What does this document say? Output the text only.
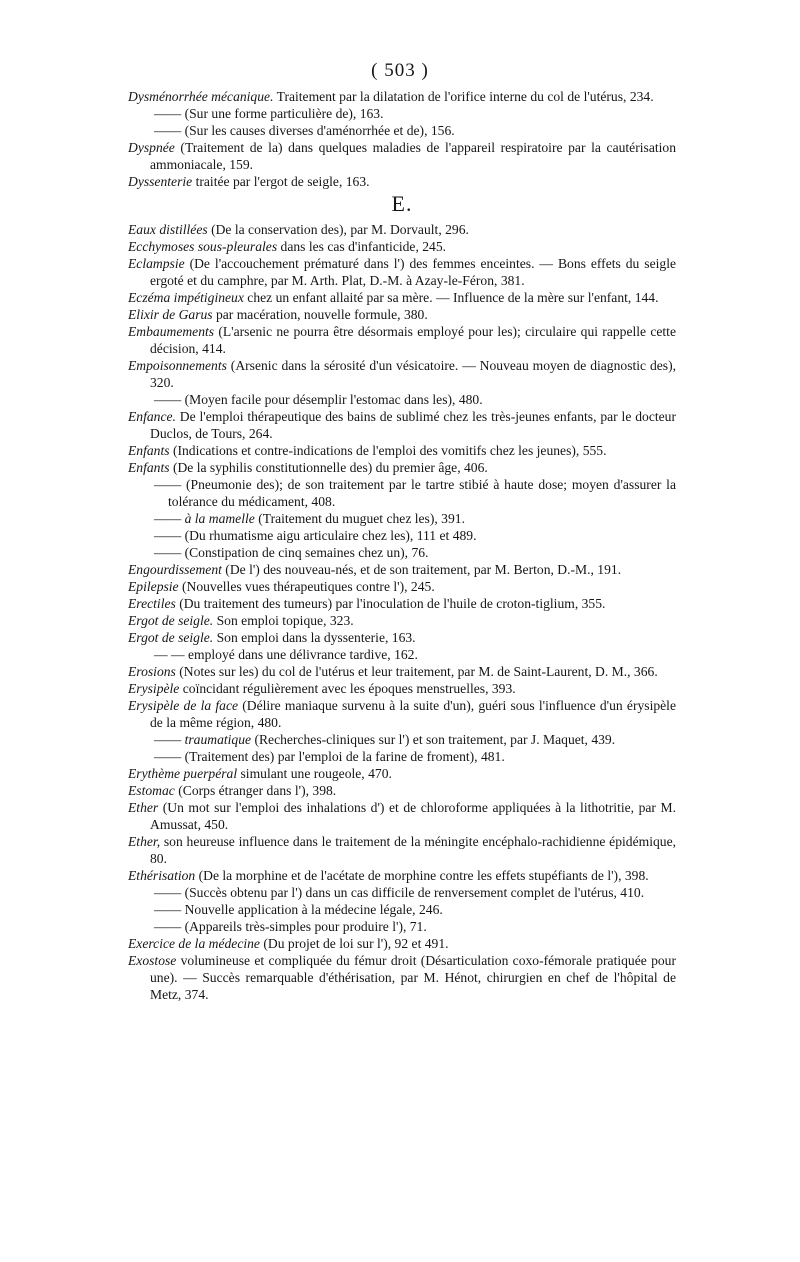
( 503 )
Dysménorrhée mécanique. Traitement par la dilatation de l'orifice interne du col de l'utérus, 234.
—— (Sur une forme particulière de), 163.
—— (Sur les causes diverses d'aménorrhée et de), 156.
Dyspnée (Traitement de la) dans quelques maladies de l'appareil respiratoire par la cautérisation ammoniacale, 159.
Dyssenterie traitée par l'ergot de seigle, 163.
E.
Eaux distillées (De la conservation des), par M. Dorvault, 296.
Ecchymoses sous-pleurales dans les cas d'infanticide, 245.
Eclampsie (De l'accouchement prématuré dans l') des femmes enceintes. — Bons effets du seigle ergoté et du camphre, par M. Arth. Plat, D.-M. à Azay-le-Féron, 381.
Eczéma impétigineux chez un enfant allaité par sa mère. — Influence de la mère sur l'enfant, 144.
Elixir de Garus par macération, nouvelle formule, 380.
Embaumements (L'arsenic ne pourra être désormais employé pour les); circulaire qui rappelle cette décision, 414.
Empoisonnements (Arsenic dans la sérosité d'un vésicatoire. — Nouveau moyen de diagnostic des), 320.
—— (Moyen facile pour désemplir l'estomac dans les), 480.
Enfance. De l'emploi thérapeutique des bains de sublimé chez les très-jeunes enfants, par le docteur Duclos, de Tours, 264.
Enfants (Indications et contre-indications de l'emploi des vomitifs chez les jeunes), 555.
Enfants (De la syphilis constitutionnelle des) du premier âge, 406.
—— (Pneumonie des); de son traitement par le tartre stibié à haute dose; moyen d'assurer la tolérance du médicament, 408.
—— à la mamelle (Traitement du muguet chez les), 391.
—— (Du rhumatisme aigu articulaire chez les), 111 et 489.
—— (Constipation de cinq semaines chez un), 76.
Engourdissement (De l') des nouveau-nés, et de son traitement, par M. Berton, D.-M., 191.
Epilepsie (Nouvelles vues thérapeutiques contre l'), 245.
Erectiles (Du traitement des tumeurs) par l'inoculation de l'huile de croton-tiglium, 355.
Ergot de seigle. Son emploi topique, 323.
Ergot de seigle. Son emploi dans la dyssenterie, 163.
— — employé dans une délivrance tardive, 162.
Erosions (Notes sur les) du col de l'utérus et leur traitement, par M. de Saint-Laurent, D. M., 366.
Erysipèle coïncidant régulièrement avec les époques menstruelles, 393.
Erysipèle de la face (Délire maniaque survenu à la suite d'un), guéri sous l'influence d'un érysipèle de la même région, 480.
—— traumatique (Recherches-cliniques sur l') et son traitement, par J. Maquet, 439.
—— (Traitement des) par l'emploi de la farine de froment), 481.
Erythème puerpéral simulant une rougeole, 470.
Estomac (Corps étranger dans l'), 398.
Ether (Un mot sur l'emploi des inhalations d') et de chloroforme appliquées à la lithotritie, par M. Amussat, 450.
Ether, son heureuse influence dans le traitement de la méningite encéphalo-rachidienne épidémique, 80.
Ethérisation (De la morphine et de l'acétate de morphine contre les effets stupéfiants de l'), 398.
—— (Succès obtenu par l') dans un cas difficile de renversement complet de l'utérus, 410.
—— Nouvelle application à la médecine légale, 246.
—— (Appareils très-simples pour produire l'), 71.
Exercice de la médecine (Du projet de loi sur l'), 92 et 491.
Exostose volumineuse et compliquée du fémur droit (Désarticulation coxo-fémorale pratiquée pour une). — Succès remarquable d'éthérisation, par M. Hénot, chirurgien en chef de l'hôpital de Metz, 374.
